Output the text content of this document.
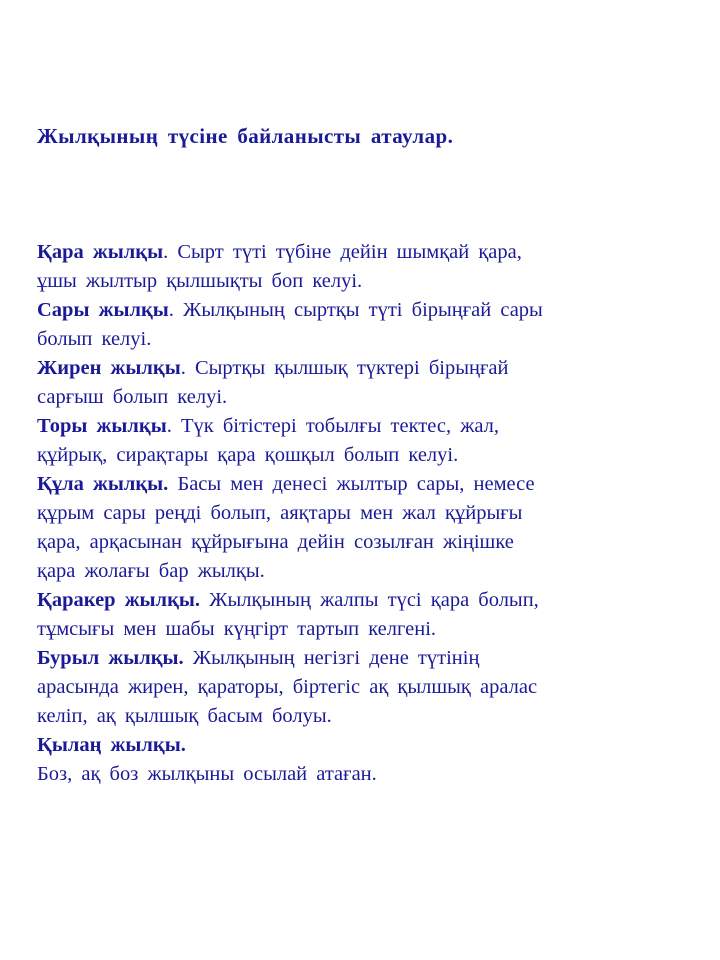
Жылқының түсіне байланысты атаулар.

Қара жылқы. Сырт түті түбіне дейін шымқай қара,
ұшы жылтыр қылшықты боп келуі.

Сары жылқы. Жылқының сыртқы түті бірыңғай сары
болып келуі.

Жирен жылқы. Сыртқы қылшық түктері бірыңғай
сарғыш болып келуі.

Торы жылқы. Түк бітістері тобылғы тектес, жал,
құйрық, сирақтары қара қошқыл болып келуі.

Құла жылқы. Басы мен денесі жылтыр сары, немесе
құрым сары реңді болып, аяқтары мен жал құйрығы
қара, арқасынан құйрығына дейін созылған жіңішке
қара жолағы бар жылқы.

Қаракер жылқы. Жылқының жалпы түсі қара болып,
тұмсығы мен шабы күңгірт тартып келгені.

Бурыл жылқы. Жылқының негізгі дене түтінің
арасында жирен, қараторы, біртегіс ақ қылшық аралас
келіп, ақ қылшық басым болуы.

Қылаң жылқы.
Боз, ақ боз жылқыны осылай атаған.
